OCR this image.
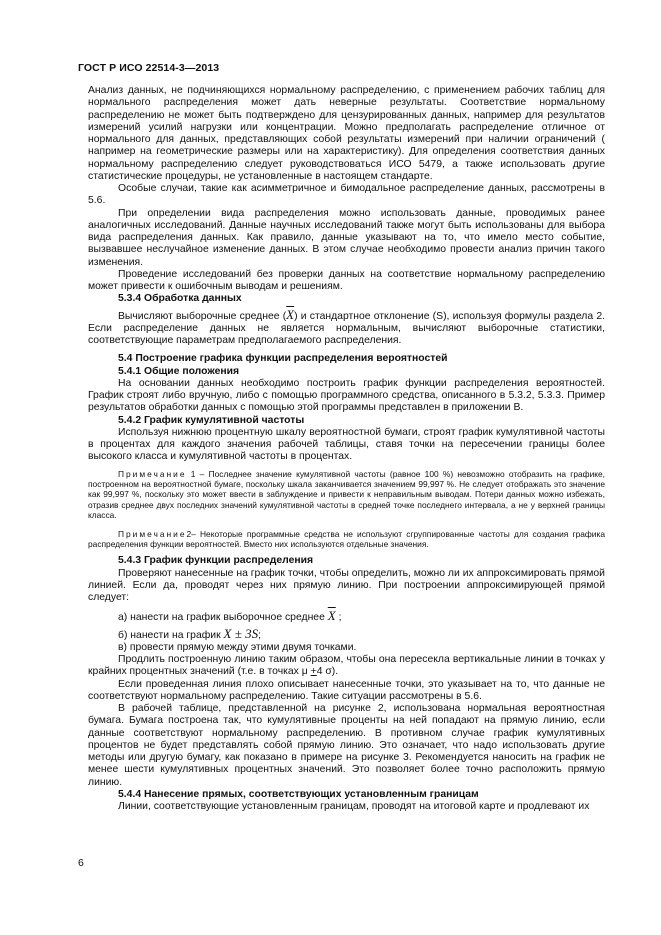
ГОСТ Р ИСО 22514-3—2013

Анализ данных, не подчиняющихся нормальному распределению, с применением рабочих таблиц для нормального распределения может дать неверные результаты. Соответствие нормальному распределению не может быть подтверждено для цензурированных данных, например для результатов измерений усилий нагрузки или концентрации. Можно предполагать распределение отличное от нормального для данных, представляющих собой результаты измерений при наличии ограничений ( например на геометрические размеры или на характеристику). Для определения соответствия данных нормальному распределению следует руководствоваться ИСО 5479, а также использовать другие статистические процедуры, не установленные в настоящем стандарте.

Особые случаи, такие как асимметричное и бимодальное распределение данных, рассмотрены в 5.6.

При определении вида распределения можно использовать данные, проводимых ранее аналогичных исследований. Данные научных исследований также могут быть использованы для выбора вида распределения данных. Как правило, данные указывают на то, что имело место событие, вызвавшее неслучайное изменение данных. В этом случае необходимо провести анализ причин такого изменения.

Проведение исследований без проверки данных на соответствие нормальному распределению может привести к ошибочным выводам и решениям.

5.3.4 Обработка данных

Вычисляют выборочные среднее $(\overline{X})$ и стандартное отклонение (S), используя формулы раздела 2. Если распределение данных не является нормальным, вычисляют выборочные статистики, соответствующие параметрам предполагаемого распределения.

5.4 Построение графика функции распределения вероятностей

5.4.1 Общие положения

На основании данных необходимо построить график функции распределения вероятностей. График строят либо вручную, либо с помощью программного средства, описанного в 5.3.2, 5.3.3. Пример результатов обработки данных с помощью этой программы представлен в приложении В.

5.4.2 График кумулятивной частоты

Используя нижнюю процентную шкалу вероятностной бумаги, строят график кумулятивной частоты в процентах для каждого значения рабочей таблицы, ставя точки на пересечении границы более высокого класса и кумулятивной частоты в процентах.

Примечание 1 – Последнее значение кумулятивной частоты (равное 100 %) невозможно отобразить на графике, построенном на вероятностной бумаге, поскольку шкала заканчивается значением 99,997 %. Не следует отображать это значение как 99,997 %, поскольку это может ввести в заблуждение и привести к неправильным выводам. Потери данных можно избежать, отразив среднее двух последних значений кумулятивной частоты в средней точке последнего интервала, а не у верхней границы класса.

Примечание2– Некоторые программные средства не используют сгруппированные частоты для создания графика распределения функции вероятностей. Вместо них используются отдельные значения.

5.4.3 График функции распределения

Проверяют нанесенные на график точки, чтобы определить, можно ли их аппроксимировать прямой линией. Если да, проводят через них прямую линию. При построении аппроксимирующей прямой следует:

а) нанести на график выборочное среднее $\overline{X}$ ;

б) нанести на график X ± 3S;

в) провести прямую между этими двумя точками.

Продлить построенную линию таким образом, чтобы она пересекла вертикальные линии в точках у крайних процентных значений (т.е. в точках μ +4 σ).

Если проведенная линия плохо описывает нанесенные точки, это указывает на то, что данные не соответствуют нормальному распределению. Такие ситуации рассмотрены в 5.6.

В рабочей таблице, представленной на рисунке 2, использована нормальная вероятностная бумага. Бумага построена так, что кумулятивные проценты на ней попадают на прямую линию, если данные соответствуют нормальному распределению. В противном случае график кумулятивных процентов не будет представлять собой прямую линию. Это означает, что надо использовать другие методы или другую бумагу, как показано в примере на рисунке 3. Рекомендуется наносить на график не менее шести кумулятивных процентных значений. Это позволяет более точно расположить прямую линию.

5.4.4 Нанесение прямых, соответствующих установленным границам

Линии, соответствующие установленным границам, проводят на итоговой карте и продлевают их

6
